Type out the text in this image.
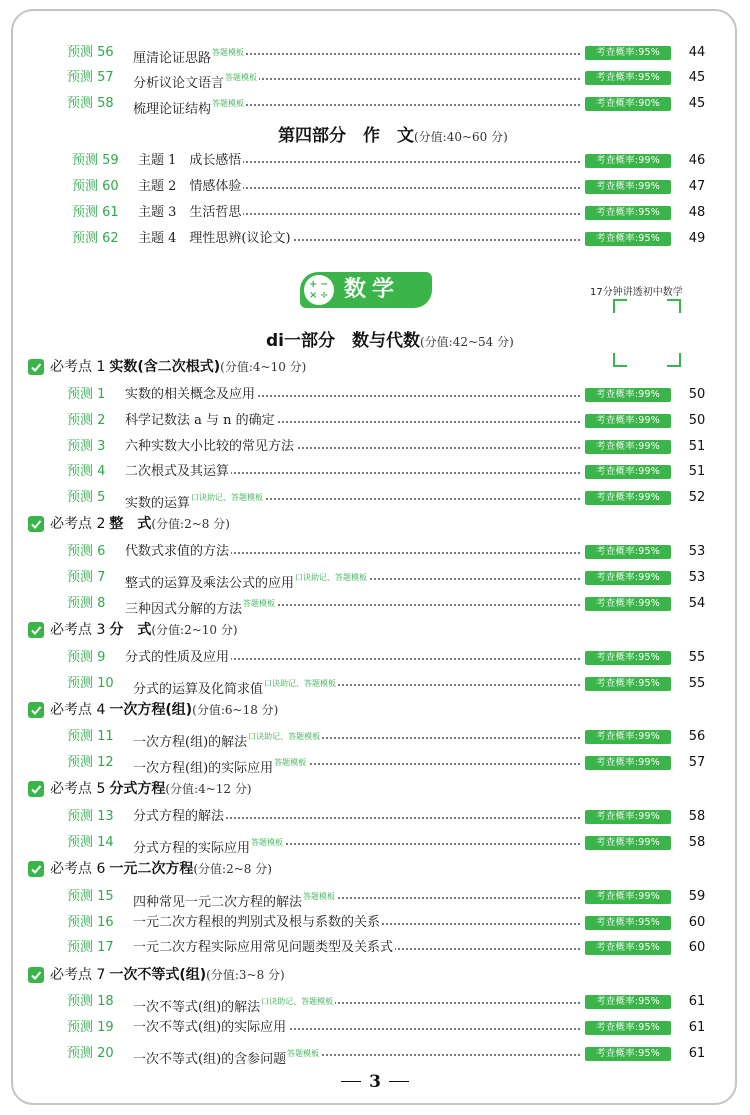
预测 56 厘清论证思路$^{答题模板}$	考查概率:95%	44
预测 57 分析议论文语言$^{答题模板}$	考查概率:95%	45
预测 58 梳理论证结构$^{答题模板}$	考查概率:90%	45
第四部分　作　文(分值:40~60 分)
预测 59 主题 1　成长感悟	考查概率:99%	46
预测 60 主题 2　情感体验	考查概率:99%	47
预测 61 主题 3　生活哲思	考查概率:95%	48
预测 62 主题 4　理性思辨(议论文)	考查概率:95%	49
di一部分　数与代数(分值:42~54 分)
必考点 1 实数(含二次根式)(分值:4~10 分)
预测 1 实数的相关概念及应用	考查概率:99%	50
预测 2 科学记数法 a 与 n 的确定	考查概率:99%	50
预测 3 六种实数大小比较的常见方法	考查概率:99%	51
预测 4 二次根式及其运算	考查概率:99%	51
预测 5 实数的运算$^{口诀助记、答题模板}$	考查概率:99%	52
必考点 2 整　式(分值:2~8 分)
预测 6 代数式求值的方法	考查概率:95%	53
预测 7 整式的运算及乘法公式的应用$^{口诀助记、答题模板}$	考查概率:99%	53
预测 8 三种因式分解的方法$^{答题模板}$	考查概率:99%	54
必考点 3 分　式(分值:2~10 分)
预测 9 分式的性质及应用	考查概率:95%	55
预测 10 分式的运算及化简求值$^{口诀助记、答题模板}$	考查概率:95%	55
必考点 4 一次方程(组)(分值:6~18 分)
预测 11 一次方程(组)的解法$^{口诀助记、答题模板}$	考查概率:99%	56
预测 12 一次方程(组)的实际应用$^{答题模板}$	考查概率:99%	57
必考点 5 分式方程(分值:4~12 分)
预测 13 分式方程的解法	考查概率:99%	58
预测 14 分式方程的实际应用$^{答题模板}$	考查概率:99%	58
必考点 6 一元二次方程(分值:2~8 分)
预测 15 四种常见一元二次方程的解法$^{答题模板}$	考查概率:99%	59
预测 16 一元二次方程根的判别式及根与系数的关系	考查概率:95%	60
预测 17 一元二次方程实际应用常见问题类型及关系式	考查概率:95%	60
必考点 7 一次不等式(组)(分值:3~8 分)
预测 18 一次不等式(组)的解法$^{口诀助记、答题模板}$	考查概率:95%	61
预测 19 一次不等式(组)的实际应用	考查概率:95%	61
预测 20 一次不等式(组)的含参问题$^{答题模板}$	考查概率:95%	61
+ −
× ÷ 数学	17分钟讲透初中数学
3
